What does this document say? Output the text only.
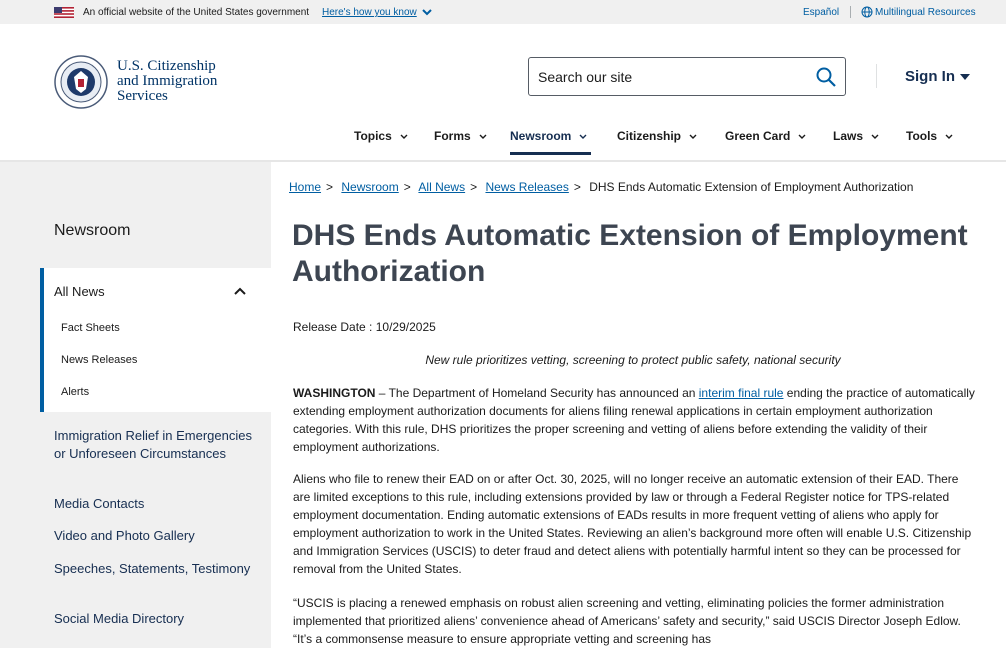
An official website of the United States government Here's how you know	Español	Multilingual Resources
U.S. Citizenship
and Immigration
Services
Search our site
Sign In
Topics	Forms	Newsroom	Citizenship	Green Card	Laws	Tools
Newsroom
All News
Fact Sheets
News Releases
Alerts
Immigration Relief in Emergencies or Unforeseen Circumstances
Media Contacts
Video and Photo Gallery
Speeches, Statements, Testimony
Social Media Directory
Home > Newsroom > All News > News Releases > DHS Ends Automatic Extension of Employment Authorization
DHS Ends Automatic Extension of Employment Authorization
Release Date : 10/29/2025
New rule prioritizes vetting, screening to protect public safety, national security

WASHINGTON – The Department of Homeland Security has announced an interim final rule ending the practice of automatically extending employment authorization documents for aliens filing renewal applications in certain employment authorization categories. With this rule, DHS prioritizes the proper screening and vetting of aliens before extending the validity of their employment authorizations.

Aliens who file to renew their EAD on or after Oct. 30, 2025, will no longer receive an automatic extension of their EAD. There are limited exceptions to this rule, including extensions provided by law or through a Federal Register notice for TPS-related employment documentation. Ending automatic extensions of EADs results in more frequent vetting of aliens who apply for employment authorization to work in the United States. Reviewing an alien’s background more often will enable U.S. Citizenship and Immigration Services (USCIS) to deter fraud and detect aliens with potentially harmful intent so they can be processed for removal from the United States.

“USCIS is placing a renewed emphasis on robust alien screening and vetting, eliminating policies the former administration implemented that prioritized aliens’ convenience ahead of Americans’ safety and security,” said USCIS Director Joseph Edlow. “It’s a commonsense measure to ensure appropriate vetting and screening has
